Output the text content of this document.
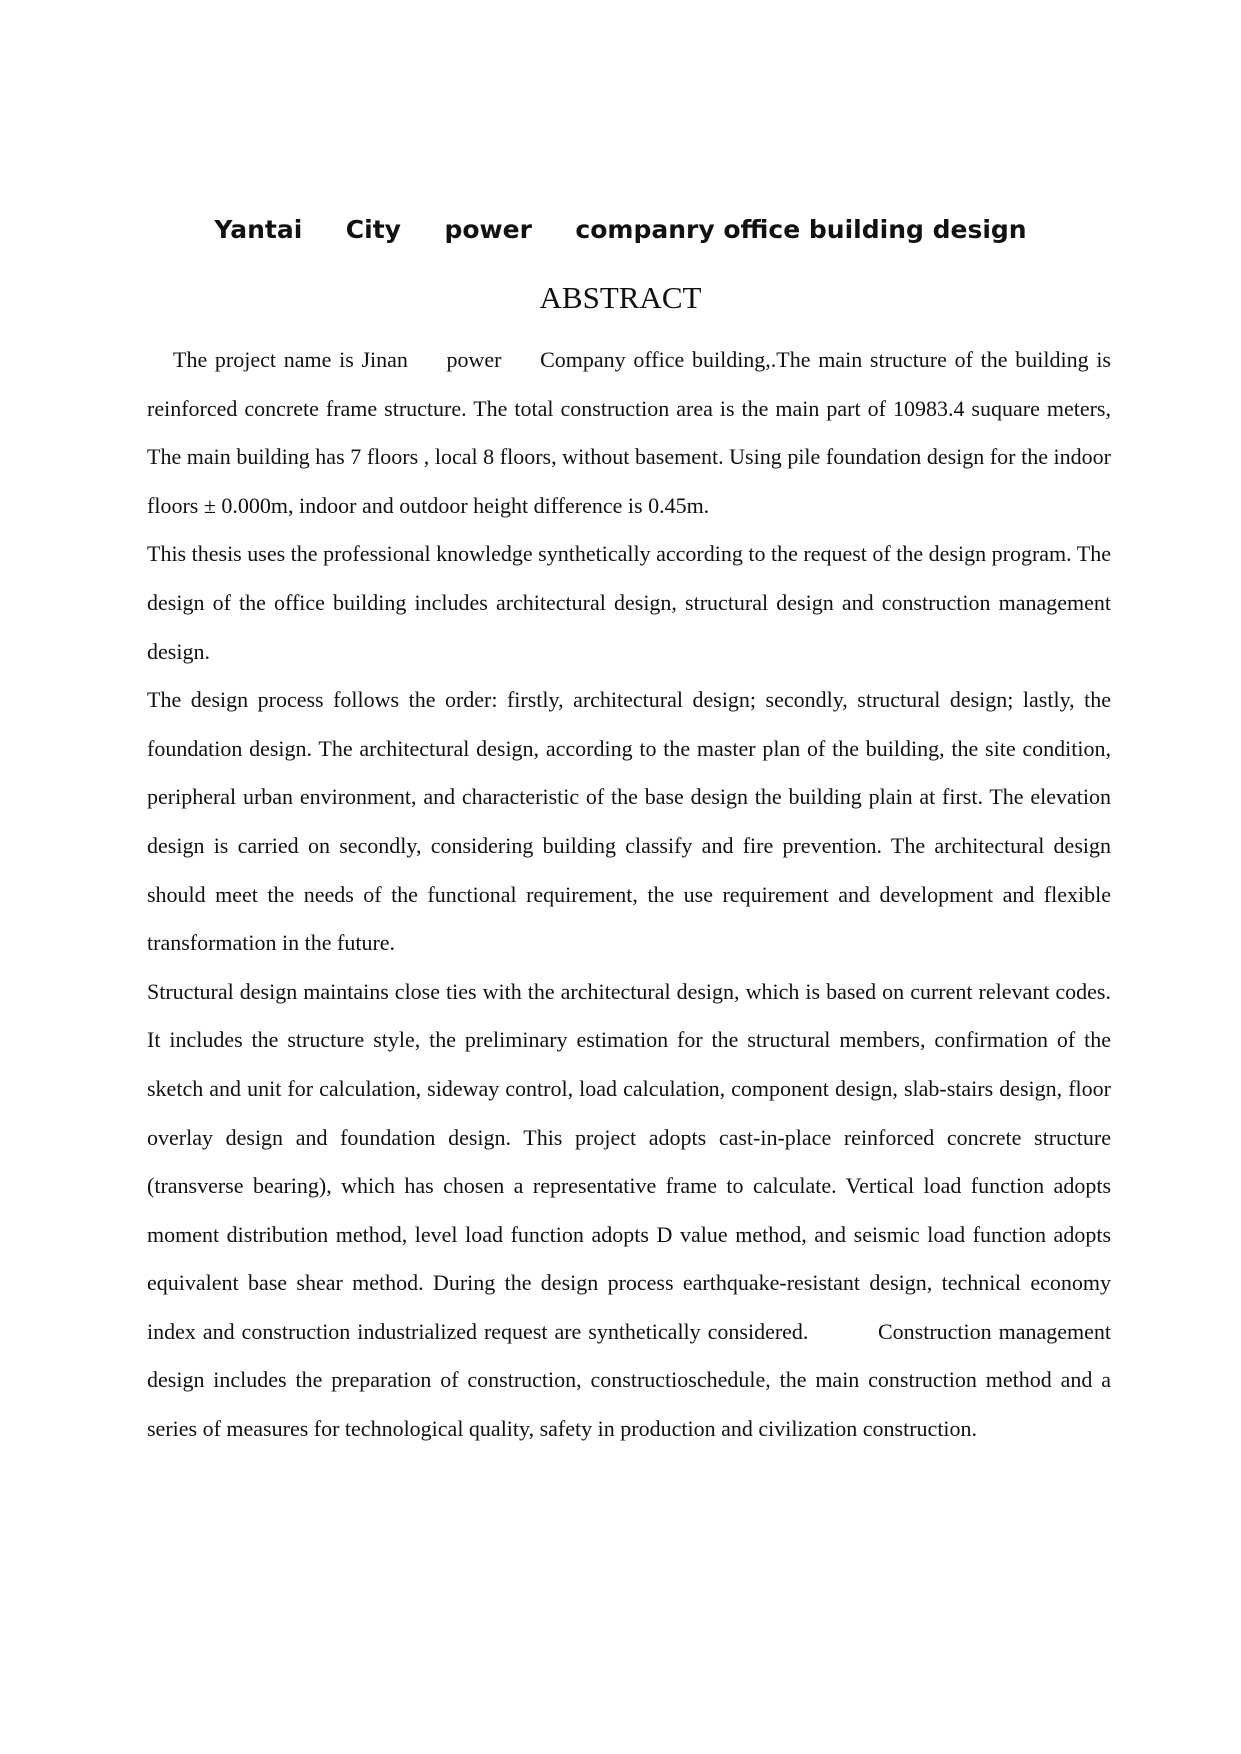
Yantai     City     power     companry office building design
ABSTRACT

The project name is Jinan     power     Company office building,.The main structure of the building is reinforced concrete frame structure. The total construction area is the main part of 10983.4 suquare meters, The main building has 7 floors , local 8 floors, without basement. Using pile foundation design for the indoor floors ± 0.000m, indoor and outdoor height difference is 0.45m.

This thesis uses the professional knowledge synthetically according to the request of the design program. The design of the office building includes architectural design, structural design and construction management design.

The design process follows the order: firstly, architectural design; secondly, structural design; lastly, the foundation design. The architectural design, according to the master plan of the building, the site condition, peripheral urban environment, and characteristic of the base design the building plain at first. The elevation design is carried on secondly, considering building classify and fire prevention. The architectural design should meet the needs of the functional requirement, the use requirement and development and flexible transformation in the future.

Structural design maintains close ties with the architectural design, which is based on current relevant codes. It includes the structure style, the preliminary estimation for the structural members, confirmation of the sketch and unit for calculation, sideway control, load calculation, component design, slab-stairs design, floor overlay design and foundation design. This project adopts cast-in-place reinforced concrete structure (transverse bearing), which has chosen a representative frame to calculate. Vertical load function adopts moment distribution method, level load function adopts D value method, and seismic load function adopts equivalent base shear method. During the design process earthquake-resistant design, technical economy index and construction industrialized request are synthetically considered.          Construction management design includes the preparation of construction, constructioschedule, the main construction method and a series of measures for technological quality, safety in production and civilization construction.
